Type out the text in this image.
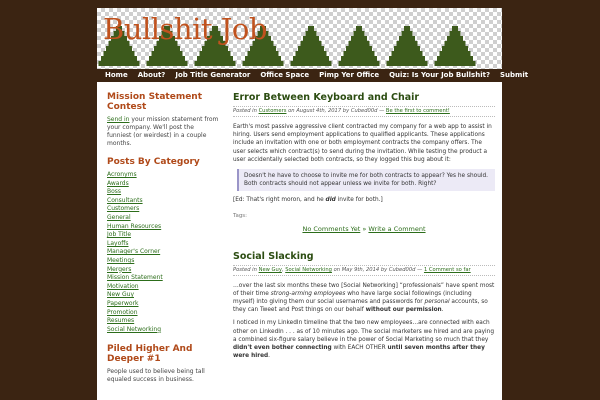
Bullshit Job
Home	About?	Job Title Generator	Office Space	Pimp Yer Office	Quiz: Is Your Job Bullshit?	Submit
Mission Statement Contest

Send in your mission statement from your company. We'll post the funniest (or weirdest) in a couple months.

Posts By Category
Acronyms
Awards
Boss
Consultants
Customers
General
Human Resources
Job Title
Layoffs
Manager's Corner
Meetings
Mergers
Mission Statement
Motivation
New Guy
Paperwork
Promotion
Resumes
Social Networking
Piled Higher And Deeper #1

People used to believe being tall equaled success in business.

Error Between Keyboard and Chair
Posted in Customers on August 4th, 2017 by Cubed00d — Be the first to comment!

Earth's most passive aggressive client contracted my company for a web app to assist in hiring. Users send employment applications to qualified applicants. These applications include an invitation with one or both employment contracts the company offers. The user selects which contract(s) to send during the invitation. While testing the product a user accidentally selected both contracts, so they logged this bug about it:

Doesn't he have to choose to invite me for both contracts to appear? Yes he should. Both contracts should not appear unless we invite for both. Right?

[Ed: That's right moron, and he did invite for both.]

Tags:
No Comments Yet » Write a Comment
Social Slacking
Posted in New Guy, Social Networking on May 9th, 2014 by Cubed00d — 1 Comment so far

…over the last six months these two [Social Networking] “professionals” have spent most of their time strong-arming employees who have large social followings (including myself) into giving them our social usernames and passwords for personal accounts, so they can Tweet and Post things on our behalf without our permission.

I noticed in my LinkedIn timeline that the two new employees…are connected with each other on LinkedIn . . . as of 10 minutes ago. The social marketers we hired and are paying a combined six-figure salary believe in the power of Social Marketing so much that they didn't even bother connecting with EACH OTHER until seven months after they were hired.
